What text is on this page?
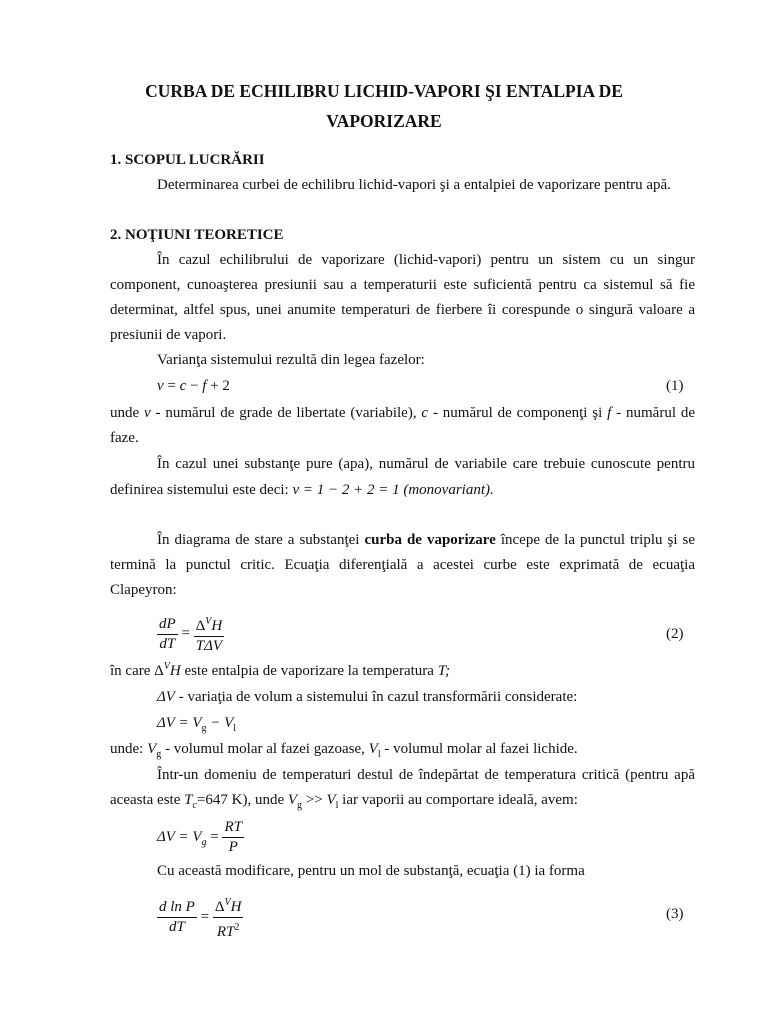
CURBA DE ECHILIBRU LICHID-VAPORI ŞI ENTALPIA DE
VAPORIZARE
1. SCOPUL LUCRĂRII
Determinarea curbei de echilibru lichid-vapori şi a entalpiei de vaporizare pentru apă.
2. NOŢIUNI TEORETICE
În cazul echilibrului de vaporizare (lichid-vapori) pentru un sistem cu un singur
component, cunoaşterea presiunii sau a temperaturii este suficientă pentru ca sistemul să fie
determinat, altfel spus, unei anumite temperaturi de fierbere îi corespunde o singură valoare a
presiunii de vapori.
Varianţa sistemului rezultă din legea fazelor:
v = c − f + 2	(1)
unde v - numărul de grade de libertate (variabile), c - numărul de componenţi şi f - numărul de
faze.
În cazul unei substanţe pure (apa), numărul de variabile care trebuie cunoscute pentru
definirea sistemului este deci: v = 1 − 2 + 2 = 1 (monovariant).
În diagrama de stare a substanţei curba de vaporizare începe de la punctul triplu şi se
termină la punctul critic. Ecuaţia diferenţială a acestei curbe este exprimată de ecuaţia
Clapeyron:
$\frac{dP}{dT} = \frac{\Delta^VH}{\text{TΔV}}$	(2)
în care $\Delta^VH$ este entalpia de vaporizare la temperatura T;
ΔV - variaţia de volum a sistemului în cazul transformării considerate:
$\Delta V = V_g - V_l$
unde: $V_g$ - volumul molar al fazei gazoase, $V_l$ - volumul molar al fazei lichide.
Într-un domeniu de temperaturi destul de îndepărtat de temperatura critică (pentru apă
aceasta este $T_c=647$ K), unde $V_g >> V_l$ iar vaporii au comportare ideală, avem:
$\Delta V = V_g = \frac{RT}{P}$
Cu această modificare, pentru un mol de substanţă, ecuaţia (1) ia forma
$\frac{\text{d ln P}}{dT} = \frac{\Delta^VH}{RT^2}$	(3)
